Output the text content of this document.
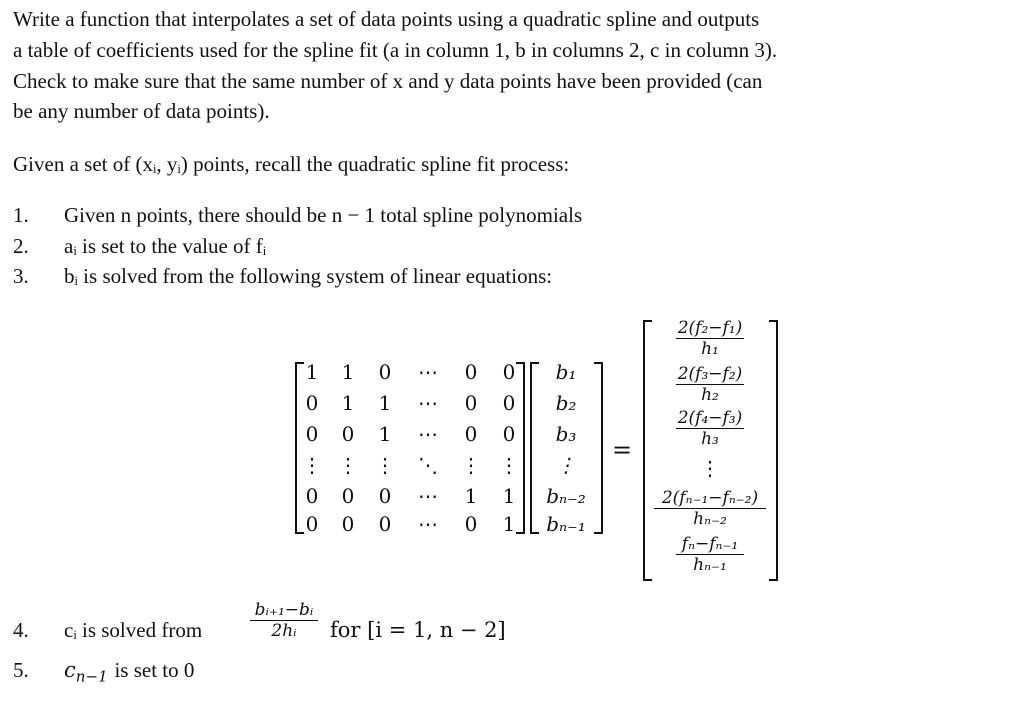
Write a function that interpolates a set of data points using a quadratic spline and outputs
a table of coefficients used for the spline fit (a in column 1, b in columns 2, c in column 3).
Check to make sure that the same number of x and y data points have been provided (can
be any number of data points).
Given a set of (xᵢ, yᵢ) points, recall the quadratic spline fit process:
1. Given n points, there should be n − 1 total spline polynomials
2. aᵢ is set to the value of fᵢ
3. bᵢ is solved from the following system of linear equations:
1 1 0 ⋯ 0 0
0 1 1 ⋯ 0 0
0 0 1 ⋯ 0 0
⋮ ⋮ ⋮ ⋱ ⋮ ⋮
0 0 0 ⋯ 1 1
0 0 0 ⋯ 0 1
b₁
b₂
b₃
⋮
bₙ₋₂
bₙ₋₁
=
2(f₂−f₁)
h₁
2(f₃−f₂)
h₂
2(f₄−f₃)
h₃
⋮
2(fₙ₋₁−fₙ₋₂)
hₙ₋₂
fₙ−fₙ₋₁
hₙ₋₁
4. cᵢ is solved from
bᵢ₊₁−bᵢ
2hᵢ	for [i = 1, n − 2]
5. $c_{n-1}$ is set to 0
